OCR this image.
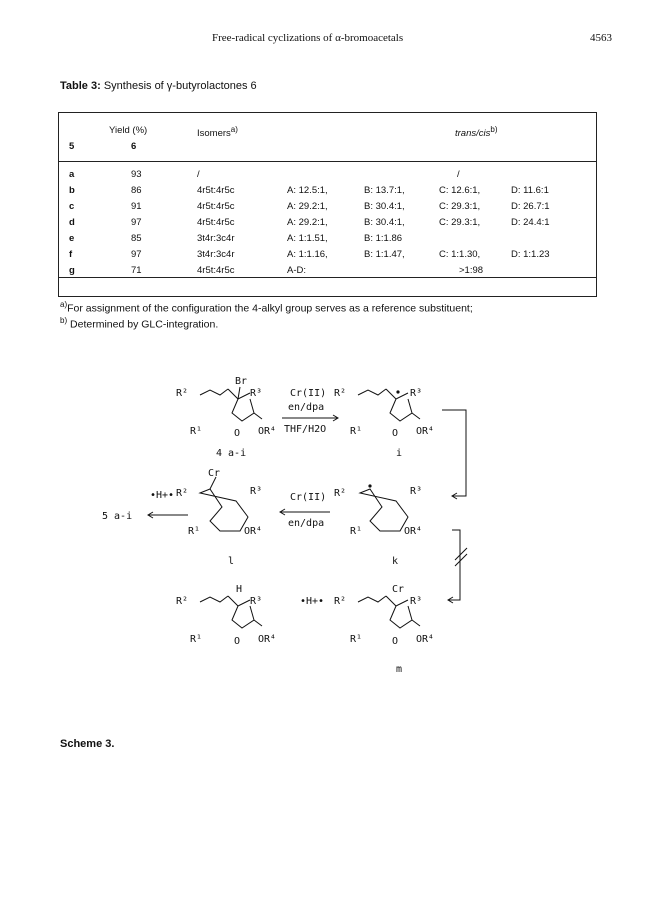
Free-radical cyclizations of α-bromoacetals	4563
Table 3: Synthesis of γ-butyrolactones 6
Yield (%)
5	6
Isomers$^{a)}$	trans/cis$^{b)}$
a	93	/	/
b	86	4r5t:4r5c	A: 12.5:1,	B: 13.7:1,	C: 12.6:1,	D: 11.6:1
c	91	4r5t:4r5c	A: 29.2:1,	B: 30.4:1,	C: 29.3:1,	D: 26.7:1
d	97	4r5t:4r5c	A: 29.2:1,	B: 30.4:1,	C: 29.3:1,	D: 24.4:1
e	85	3t4r:3c4r	A: 1:1.51,	B: 1:1.86
f	97	3t4r:3c4r	A: 1:1.16,	B: 1:1.47,	C: 1:1.30,	D: 1:1.23
g	71	4r5t:4r5c	A-D:	>1:98
$^{a)}$For assignment of the configuration the 4-alkyl group serves as a reference substituent;
$^{b)}$ Determined by GLC-integration.
R²
Br
R³
R¹	O OR⁴
4 a-i
Cr(II)
en/dpa
THF/H2O
R²	R³
R¹	O OR⁴
i
Cr
R²	R³
R¹	OR⁴
l
•H+•
5 a-i
Cr(II)
en/dpa
R²	R³
R¹	OR⁴
k
R²
H
R³
R¹	O OR⁴
•H+• R²
Cr
R³
R¹	O OR⁴
m
Scheme 3.
